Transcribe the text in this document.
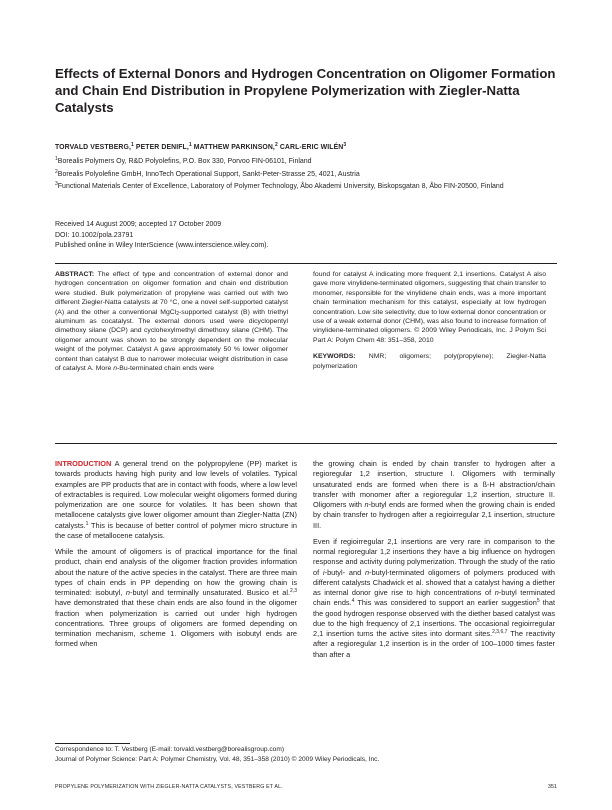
Effects of External Donors and Hydrogen Concentration on Oligomer Formation and Chain End Distribution in Propylene Polymerization with Ziegler-Natta Catalysts
TORVALD VESTBERG,$^1$ PETER DENIFL,$^1$ MATTHEW PARKINSON,$^2$ CARL-ERIC WILÉN$^3$
$^1$Borealis Polymers Oy, R&D Polyolefins, P.O. Box 330, Porvoo FIN-06101, Finland
$^2$Borealis Polyolefine GmbH, InnoTech Operational Support, Sankt-Peter-Strasse 25, 4021, Austria
$^3$Functional Materials Center of Excellence, Laboratory of Polymer Technology, Åbo Akademi University, Biskopsgatan 8, Åbo FIN-20500, Finland
Received 14 August 2009; accepted 17 October 2009
DOI: 10.1002/pola.23791
Published online in Wiley InterScience (www.interscience.wiley.com).
ABSTRACT: The effect of type and concentration of external donor and hydrogen concentration on oligomer formation and chain end distribution were studied. Bulk polymerization of propylene was carried out with two different Ziegler-Natta catalysts at 70 °C, one a novel self-supported catalyst (A) and the other a conventional MgCl$_2$-supported catalyst (B) with triethyl aluminum as cocatalyst. The external donors used were dicyclopentyl dimethoxy silane (DCP) and cyclohexylmethyl dimethoxy silane (CHM). The oligomer amount was shown to be strongly dependent on the molecular weight of the polymer. Catalyst A gave approximately 50 % lower oligomer content than catalyst B due to narrower molecular weight distribution in case of catalyst A. More n-Bu-terminated chain ends were
found for catalyst A indicating more frequent 2,1 insertions. Catalyst A also gave more vinylidene-terminated oligomers, suggesting that chain transfer to monomer, responsible for the vinylidene chain ends, was a more important chain termination mechanism for this catalyst, especially at low hydrogen concentration. Low site selectivity, due to low external donor concentration or use of a weak external donor (CHM), was also found to increase formation of vinylidene-terminated oligomers. © 2009 Wiley Periodicals, Inc. J Polym Sci Part A: Polym Chem 48: 351–358, 2010
KEYWORDS: NMR; oligomers; poly(propylene); Ziegler-Natta polymerization

INTRODUCTION A general trend on the polypropylene (PP) market is towards products having high purity and low levels of volatiles. Typical examples are PP products that are in contact with foods, where a low level of extractables is required. Low molecular weight oligomers formed during polymerization are one source for volatiles. It has been shown that metallocene catalysts give lower oligomer amount than Ziegler-Natta (ZN) catalysts.$^1$ This is because of better control of polymer micro structure in the case of metallocene catalysis.

While the amount of oligomers is of practical importance for the final product, chain end analysis of the oligomer fraction provides information about the nature of the active species in the catalyst. There are three main types of chain ends in PP depending on how the growing chain is terminated: isobutyl, n-butyl and terminally unsaturated. Busico et al.$^{2,3}$ have demonstrated that these chain ends are also found in the oligomer fraction when polymerization is carried out under high hydrogen concentrations. Three groups of oligomers are formed depending on termination mechanism, scheme 1. Oligomers with isobutyl ends are formed when

the growing chain is ended by chain transfer to hydrogen after a regioregular 1,2 insertion, structure I. Oligomers with terminally unsaturated ends are formed when there is a ß-H abstraction/chain transfer with monomer after a regioregular 1,2 insertion, structure II. Oligomers with n-butyl ends are formed when the growing chain is ended by chain transfer to hydrogen after a regioirregular 2,1 insertion, structure III.

Even if regioirregular 2,1 insertions are very rare in comparison to the normal regioregular 1,2 insertions they have a big influence on hydrogen response and activity during polymerization. Through the study of the ratio of i-butyl- and n-butyl-terminated oligomers of polymers produced with different catalysts Chadwick et al. showed that a catalyst having a diether as internal donor give rise to high concentrations of n-butyl terminated chain ends.$^4$ This was considered to support an earlier suggestion$^5$ that the good hydrogen response observed with the diether based catalyst was due to the high frequency of 2,1 insertions. The occasional regioirregular 2,1 insertion turns the active sites into dormant sites.$^{2,3,6,7}$ The reactivity after a regioregular 1,2 insertion is in the order of 100–1000 times faster than after a

Correspondence to: T. Vestberg (E-mail: torvald.vestberg@borealisgroup.com)
Journal of Polymer Science: Part A: Polymer Chemistry, Vol. 48, 351–358 (2010) © 2009 Wiley Periodicals, Inc.
PROPYLENE POLYMERIZATION WITH ZIEGLER-NATTA CATALYSTS, VESTBERG ET AL.	351
